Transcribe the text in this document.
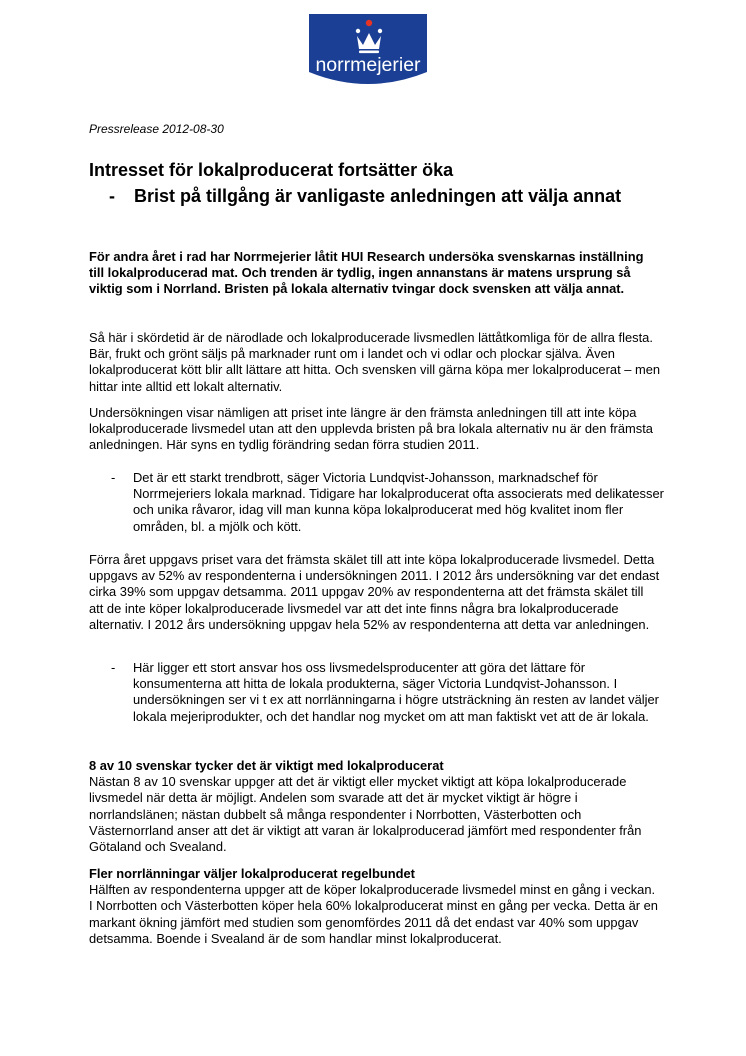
norrmejerier
Pressrelease 2012-08-30
Intresset för lokalproducerat fortsätter öka
-	Brist på tillgång är vanligaste anledningen att välja annat

För andra året i rad har Norrmejerier låtit HUI Research undersöka svenskarnas inställning till lokalproducerad mat. Och trenden är tydlig, ingen annanstans är matens ursprung så viktig som i Norrland. Bristen på lokala alternativ tvingar dock svensken att välja annat.

Så här i skördetid är de närodlade och lokalproducerade livsmedlen lättåtkomliga för de allra flesta. Bär, frukt och grönt säljs på marknader runt om i landet och vi odlar och plockar själva. Även lokalproducerat kött blir allt lättare att hitta. Och svensken vill gärna köpa mer lokalproducerat – men hittar inte alltid ett lokalt alternativ.

Undersökningen visar nämligen att priset inte längre är den främsta anledningen till att inte köpa lokalproducerade livsmedel utan att den upplevda bristen på bra lokala alternativ nu är den främsta anledningen. Här syns en tydlig förändring sedan förra studien 2011.

-	Det är ett starkt trendbrott, säger Victoria Lundqvist-Johansson, marknadschef för Norrmejeriers lokala marknad. Tidigare har lokalproducerat ofta associerats med delikatesser och unika råvaror, idag vill man kunna köpa lokalproducerat med hög kvalitet inom fler områden, bl. a mjölk och kött.

Förra året uppgavs priset vara det främsta skälet till att inte köpa lokalproducerade livsmedel. Detta uppgavs av 52% av respondenterna i undersökningen 2011. I 2012 års undersökning var det endast cirka 39% som uppgav detsamma. 2011 uppgav 20% av respondenterna att det främsta skälet till att de inte köper lokalproducerade livsmedel var att det inte finns några bra lokalproducerade alternativ. I 2012 års undersökning uppgav hela 52% av respondenterna att detta var anledningen.

-	Här ligger ett stort ansvar hos oss livsmedelsproducenter att göra det lättare för konsumenterna att hitta de lokala produkterna, säger Victoria Lundqvist-Johansson. I undersökningen ser vi t ex att norrlänningarna i högre utsträckning än resten av landet väljer lokala mejeriprodukter, och det handlar nog mycket om att man faktiskt vet att de är lokala.

8 av 10 svenskar tycker det är viktigt med lokalproducerat

Nästan 8 av 10 svenskar uppger att det är viktigt eller mycket viktigt att köpa lokalproducerade livsmedel när detta är möjligt. Andelen som svarade att det är mycket viktigt är högre i norrlandslänen; nästan dubbelt så många respondenter i Norrbotten, Västerbotten och Västernorrland anser att det är viktigt att varan är lokalproducerad jämfört med respondenter från Götaland och Svealand.

Fler norrlänningar väljer lokalproducerat regelbundet

Hälften av respondenterna uppger att de köper lokalproducerade livsmedel minst en gång i veckan. I Norrbotten och Västerbotten köper hela 60% lokalproducerat minst en gång per vecka. Detta är en markant ökning jämfört med studien som genomfördes 2011 då det endast var 40% som uppgav detsamma. Boende i Svealand är de som handlar minst lokalproducerat.
